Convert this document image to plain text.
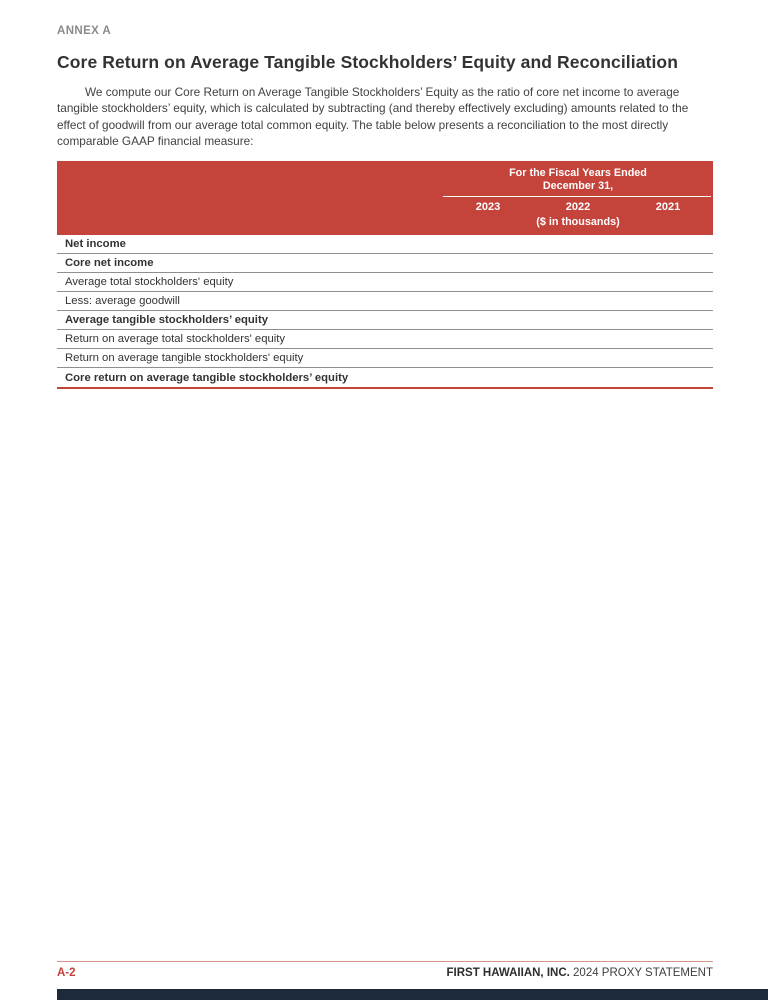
ANNEX A
Core Return on Average Tangible Stockholders’ Equity and Reconciliation

We compute our Core Return on Average Tangible Stockholders’ Equity as the ratio of core net income to average tangible stockholders’ equity, which is calculated by subtracting (and thereby effectively excluding) amounts related to the effect of goodwill from our average total common equity. The table below presents a reconciliation to the most directly comparable GAAP financial measure:

For the Fiscal Years Ended
December 31,
2023	2022	2021
($ in thousands)
Net income
Core net income
Average total stockholders' equity
Less: average goodwill
Average tangible stockholders’ equity
Return on average total stockholders' equity
Return on average tangible stockholders' equity
Core return on average tangible stockholders’ equity
A-2	FIRST HAWAIIAN, INC. 2024 PROXY STATEMENT
